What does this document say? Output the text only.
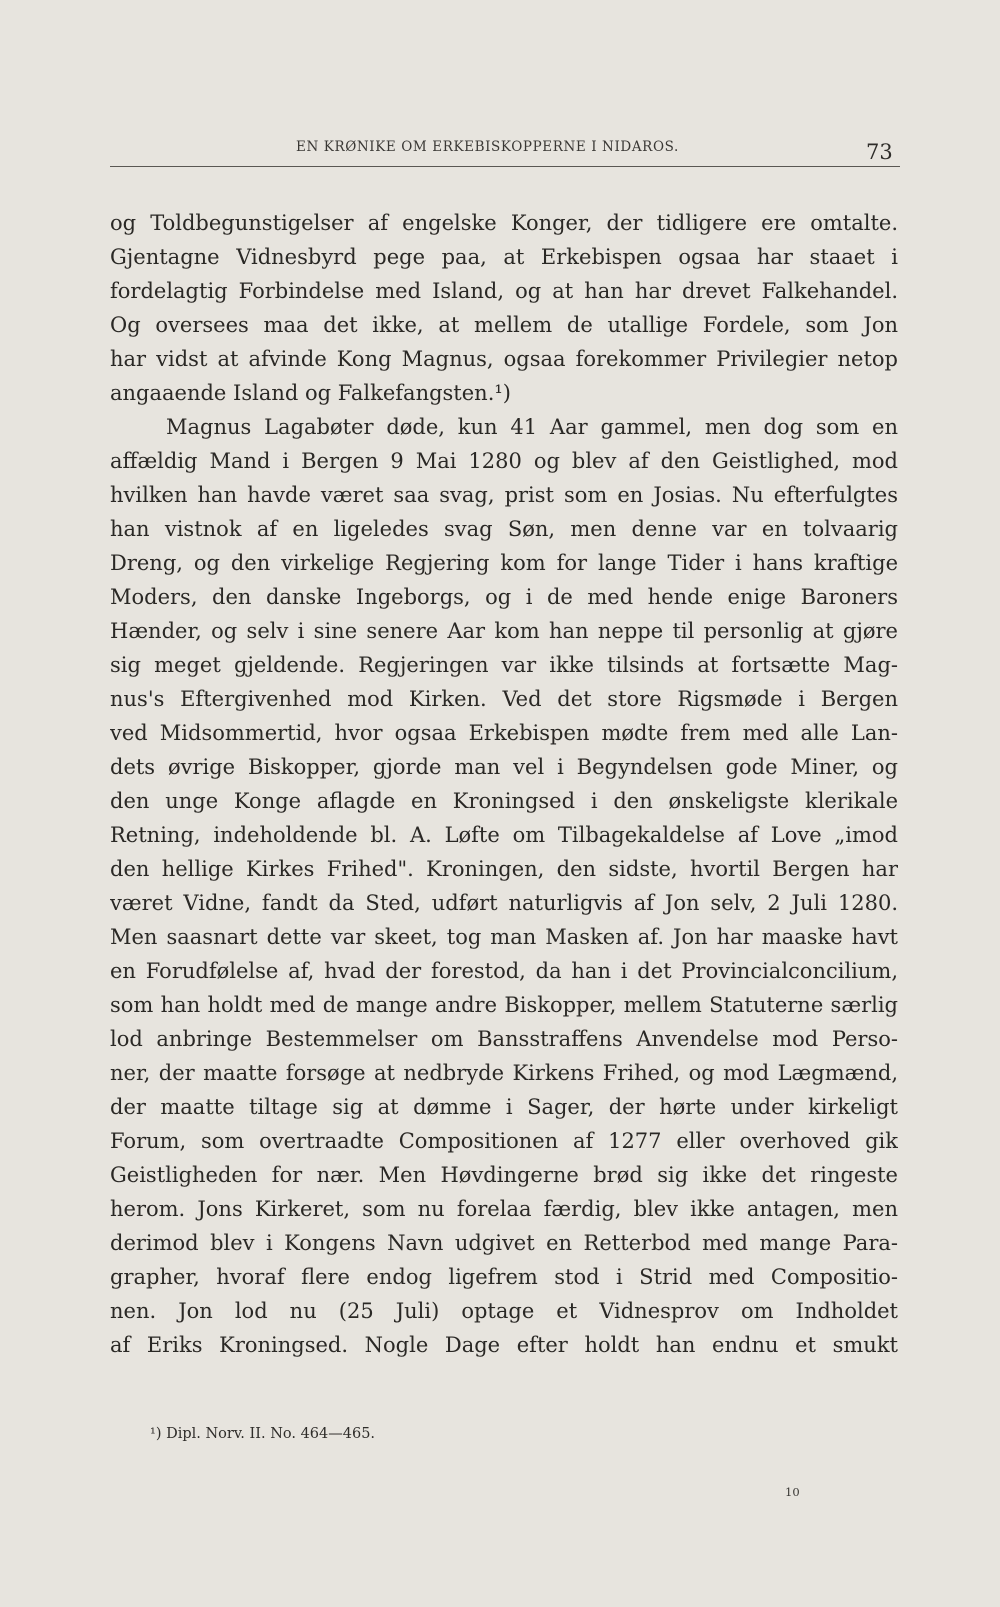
EN KRØNIKE OM ERKEBISKOPPERNE I NIDAROS.	73
og Toldbegunstigelser af engelske Konger, der tidligere ere omtalte.
Gjentagne Vidnesbyrd pege paa, at Erkebispen ogsaa har staaet i
fordelagtig Forbindelse med Island, og at han har drevet Falkehandel.
Og oversees maa det ikke, at mellem de utallige Fordele, som Jon
har vidst at afvinde Kong Magnus, ogsaa forekommer Privilegier netop
angaaende Island og Falkefangsten.¹)
Magnus Lagabøter døde, kun 41 Aar gammel, men dog som en
affældig Mand i Bergen 9 Mai 1280 og blev af den Geistlighed, mod
hvilken han havde været saa svag, prist som en Josias. Nu efterfulgtes
han vistnok af en ligeledes svag Søn, men denne var en tolvaarig
Dreng, og den virkelige Regjering kom for lange Tider i hans kraftige
Moders, den danske Ingeborgs, og i de med hende enige Baroners
Hænder, og selv i sine senere Aar kom han neppe til personlig at gjøre
sig meget gjeldende. Regjeringen var ikke tilsinds at fortsætte Mag-
nus's Eftergivenhed mod Kirken. Ved det store Rigsmøde i Bergen
ved Midsommertid, hvor ogsaa Erkebispen mødte frem med alle Lan-
dets øvrige Biskopper, gjorde man vel i Begyndelsen gode Miner, og
den unge Konge aflagde en Kroningsed i den ønskeligste klerikale
Retning, indeholdende bl. A. Løfte om Tilbagekaldelse af Love „imod
den hellige Kirkes Frihed". Kroningen, den sidste, hvortil Bergen har
været Vidne, fandt da Sted, udført naturligvis af Jon selv, 2 Juli 1280.
Men saasnart dette var skeet, tog man Masken af. Jon har maaske havt
en Forudfølelse af, hvad der forestod, da han i det Provincialconcilium,
som han holdt med de mange andre Biskopper, mellem Statuterne særlig
lod anbringe Bestemmelser om Bansstraffens Anvendelse mod Perso-
ner, der maatte forsøge at nedbryde Kirkens Frihed, og mod Lægmænd,
der maatte tiltage sig at dømme i Sager, der hørte under kirkeligt
Forum, som overtraadte Compositionen af 1277 eller overhoved gik
Geistligheden for nær. Men Høvdingerne brød sig ikke det ringeste
herom. Jons Kirkeret, som nu forelaa færdig, blev ikke antagen, men
derimod blev i Kongens Navn udgivet en Retterbod med mange Para-
grapher, hvoraf flere endog ligefrem stod i Strid med Compositio-
nen. Jon lod nu (25 Juli) optage et Vidnesprov om Indholdet
af Eriks Kroningsed. Nogle Dage efter holdt han endnu et smukt
¹) Dipl. Norv. II. No. 464—465.
10
